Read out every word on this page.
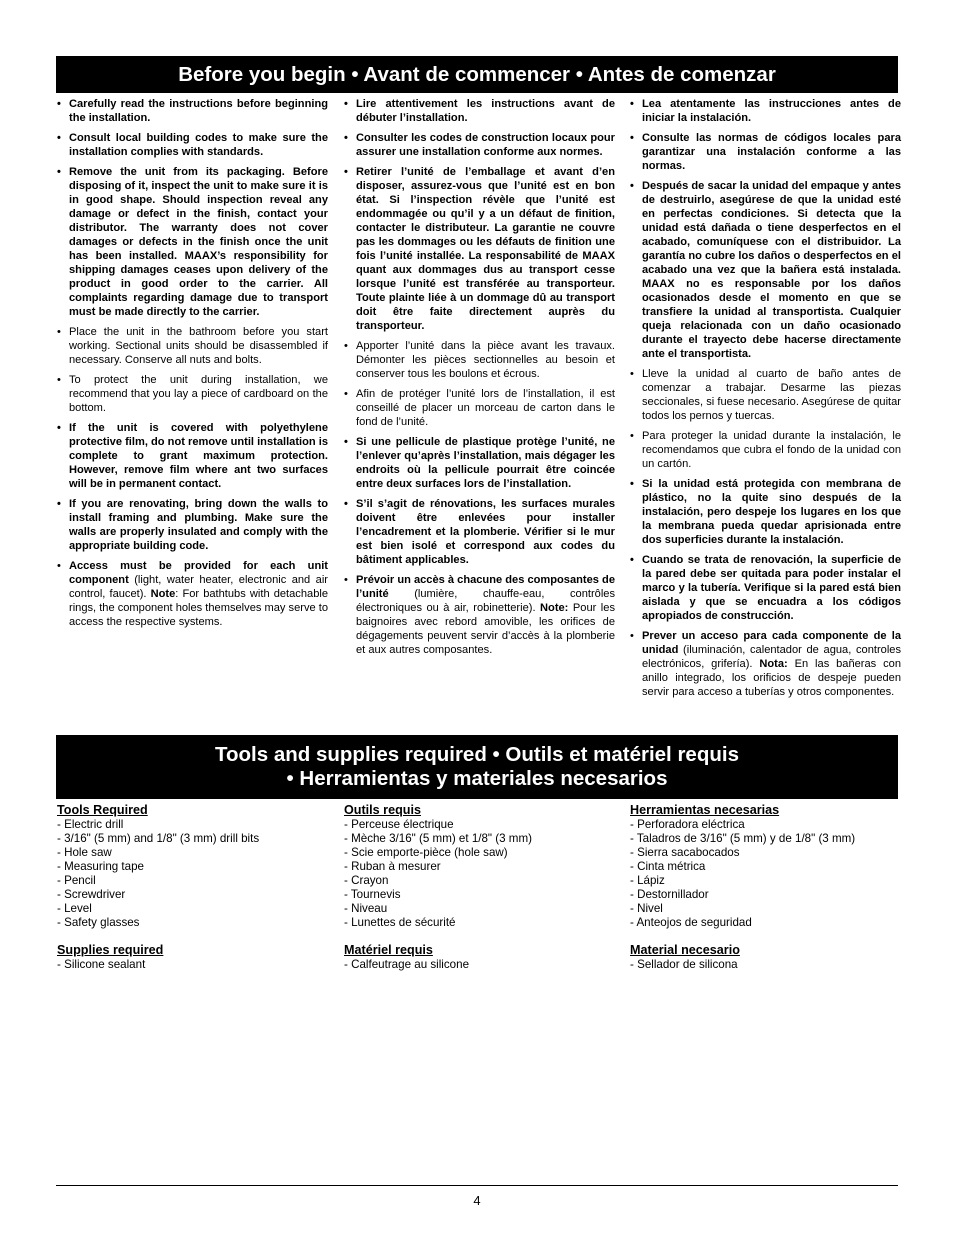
Before you begin • Avant de commencer • Antes de comenzar
• Carefully read the instructions before beginning the installation.
• Consult local building codes to make sure the installation complies with standards.
• Remove the unit from its packaging. Before disposing of it, inspect the unit to make sure it is in good shape. Should inspection reveal any damage or defect in the finish, contact your distributor. The warranty does not cover damages or defects in the finish once the unit has been installed. MAAX’s responsibility for shipping damages ceases upon delivery of the product in good order to the carrier. All complaints regarding damage due to transport must be made directly to the carrier.
• Place the unit in the bathroom before you start working. Sectional units should be disassembled if necessary. Conserve all nuts and bolts.
• To protect the unit during installation, we recommend that you lay a piece of cardboard on the bottom.
• If the unit is covered with polyethylene protective film, do not remove until installation is complete to grant maximum protection. However, remove film where ant two surfaces will be in permanent contact.
• If you are renovating, bring down the walls to install framing and plumbing. Make sure the walls are properly insulated and comply with the appropriate building code.
• Access must be provided for each unit component (light, water heater, electronic and air control, faucet). Note: For bathtubs with detachable rings, the component holes themselves may serve to access the respective systems.
• Lire attentivement les instructions avant de débuter l’installation.
• Consulter les codes de construction locaux pour assurer une installation conforme aux normes.
• Retirer l’unité de l’emballage et avant d’en disposer, assurez-vous que l’unité est en bon état. Si l’inspection révèle que l’unité est endommagée ou qu’il y a un défaut de finition, contacter le distributeur. La garantie ne couvre pas les dommages ou les défauts de finition une fois l’unité installée. La responsabilité de MAAX quant aux dommages dus au transport cesse lorsque l’unité est transférée au transporteur. Toute plainte liée à un dommage dû au transport doit être faite directement auprès du transporteur.
• Apporter l’unité dans la pièce avant les travaux. Démonter les pièces sectionnelles au besoin et conserver tous les boulons et écrous.
• Afin de protéger l’unité lors de l’installation, il est conseillé de placer un morceau de carton dans le fond de l’unité.
• Si une pellicule de plastique protège l’unité, ne l’enlever qu’après l’installation, mais dégager les endroits où la pellicule pourrait être coincée entre deux surfaces lors de l’installation.
• S’il s’agit de rénovations, les surfaces murales doivent être enlevées pour installer l’encadrement et la plomberie. Vérifier si le mur est bien isolé et correspond aux codes du bâtiment applicables.
• Prévoir un accès à chacune des composantes de l’unité (lumière, chauffe-eau, contrôles électroniques ou à air, robinetterie). Note: Pour les baignoires avec rebord amovible, les orifices de dégagements peuvent servir d’accès à la plomberie et aux autres composantes.
• Lea atentamente las instrucciones antes de iniciar la instalación.
• Consulte las normas de códigos locales para garantizar una instalación conforme a las normas.
• Después de sacar la unidad del empaque y antes de destruirlo, asegúrese de que la unidad esté en perfectas condiciones. Si detecta que la unidad está dañada o tiene desperfectos en el acabado, comuníquese con el distribuidor. La garantía no cubre los daños o desperfectos en el acabado una vez que la bañera está instalada. MAAX no es responsable por los daños ocasionados desde el momento en que se transfiere la unidad al transportista. Cualquier queja relacionada con un daño ocasionado durante el trayecto debe hacerse directamente ante el transportista.
• Lleve la unidad al cuarto de baño antes de comenzar a trabajar. Desarme las piezas seccionales, si fuese necesario. Asegúrese de quitar todos los pernos y tuercas.
• Para proteger la unidad durante la instalación, le recomendamos que cubra el fondo de la unidad con un cartón.
• Si la unidad está protegida con membrana de plástico, no la quite sino después de la instalación, pero despeje los lugares en los que la membrana pueda quedar aprisionada entre dos superficies durante la instalación.
• Cuando se trata de renovación, la superficie de la pared debe ser quitada para poder instalar el marco y la tubería. Verifique si la pared está bien aislada y que se encuadra a los códigos apropiados de construcción.
• Prever un acceso para cada componente de la unidad (iluminación, calentador de agua, controles electrónicos, grifería). Nota: En las bañeras con anillo integrado, los orificios de despeje pueden servir para acceso a tuberías y otros componentes.
Tools and supplies required • Outils et matériel requis
• Herramientas y materiales necesarios
Tools Required
- Electric drill
- 3/16" (5 mm) and 1/8" (3 mm) drill bits
- Hole saw
- Measuring tape
- Pencil
- Screwdriver
- Level
- Safety glasses
Supplies required
- Silicone sealant
Outils requis
- Perceuse électrique
- Mèche 3/16" (5 mm) et 1/8" (3 mm)
- Scie emporte-pièce (hole saw)
- Ruban à mesurer
- Crayon
- Tournevis
- Niveau
- Lunettes de sécurité
Matériel requis
- Calfeutrage au silicone
Herramientas necesarias
- Perforadora eléctrica
- Taladros de 3/16" (5 mm) y de 1/8" (3 mm)
- Sierra sacabocados
- Cinta métrica
- Lápiz
- Destornillador
- Nivel
- Anteojos de seguridad
Material necesario
- Sellador de silicona
4
